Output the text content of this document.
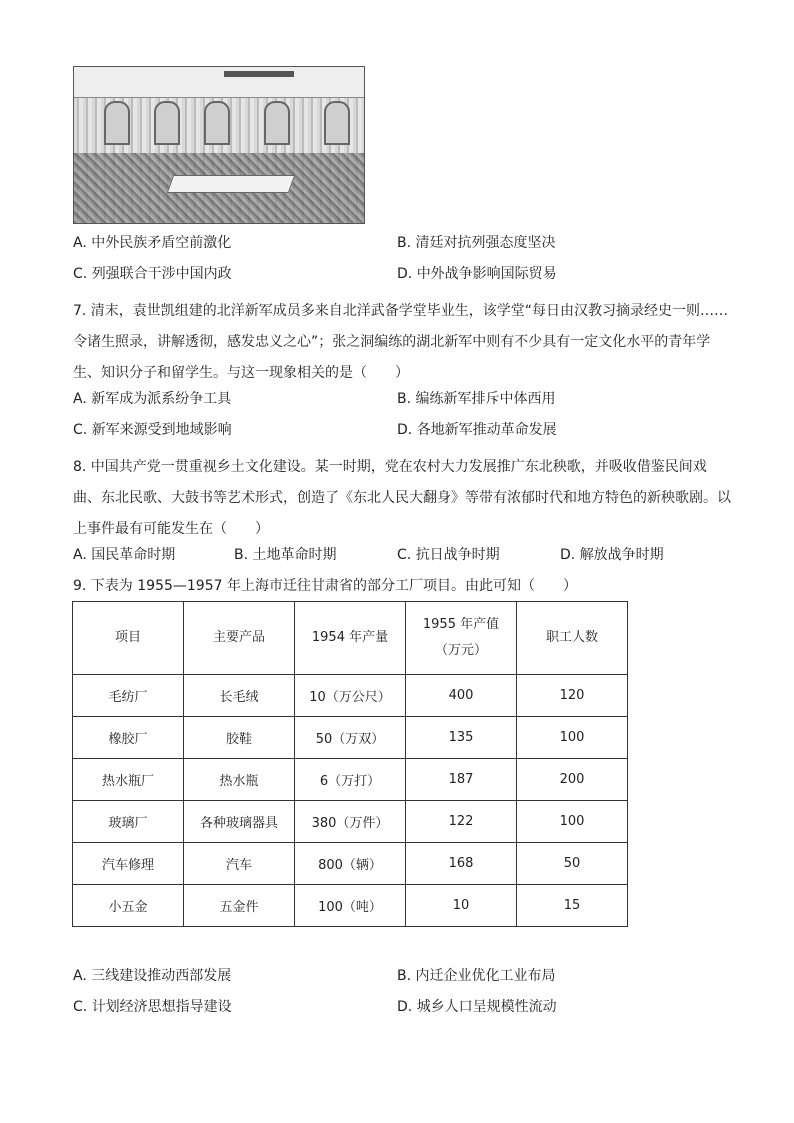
A. 中外民族矛盾空前激化	B. 清廷对抗列强态度坚决
C. 列强联合干涉中国内政	D. 中外战争影响国际贸易
7. 清末，袁世凯组建的北洋新军成员多来自北洋武备学堂毕业生，该学堂“每日由汉教习摘录经史一则……令诸生照录，讲解透彻，感发忠义之心”；张之洞编练的湖北新军中则有不少具有一定文化水平的青年学生、知识分子和留学生。与这一现象相关的是（　　）
A. 新军成为派系纷争工具	B. 编练新军排斥中体西用
C. 新军来源受到地域影响	D. 各地新军推动革命发展
8. 中国共产党一贯重视乡土文化建设。某一时期，党在农村大力发展推广东北秧歌，并吸收借鉴民间戏曲、东北民歌、大鼓书等艺术形式，创造了《东北人民大翻身》等带有浓郁时代和地方特色的新秧歌剧。以上事件最有可能发生在（　　）
A. 国民革命时期	B. 土地革命时期	C. 抗日战争时期	D. 解放战争时期
9. 下表为 1955—1957 年上海市迁往甘肃省的部分工厂项目。由此可知（　　）
项目	主要产品	1954 年产量	1955 年产值（万元）	职工人数
毛纺厂	长毛绒	10（万公尺）	400	120
橡胶厂	胶鞋	50（万双）	135	100
热水瓶厂	热水瓶	6（万打）	187	200
玻璃厂	各种玻璃器具	380（万件）	122	100
汽车修理	汽车	800（辆）	168	50
小五金	五金件	100（吨）	10	15
A. 三线建设推动西部发展	B. 内迁企业优化工业布局
C. 计划经济思想指导建设	D. 城乡人口呈规模性流动
